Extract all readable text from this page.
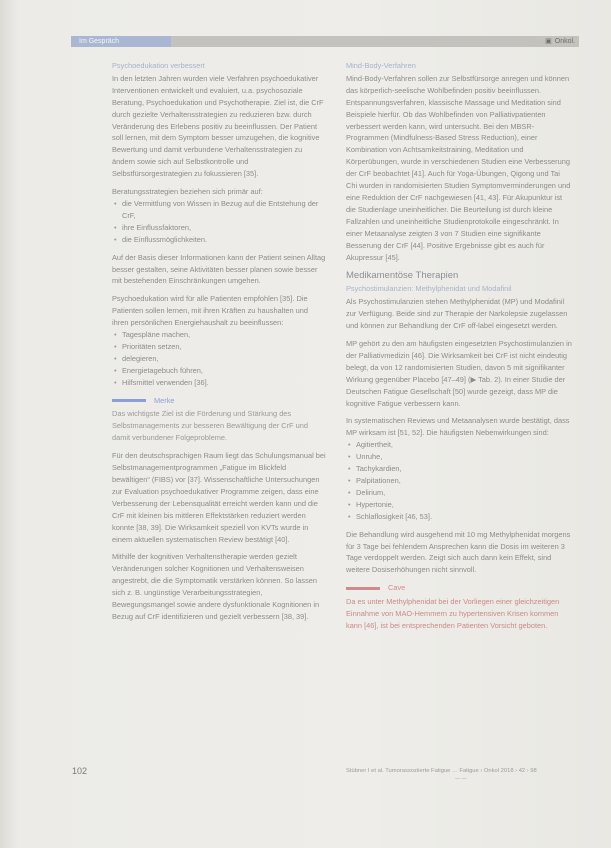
Im Gespräch	▣ Onkol.
Psychoedukation verbessert

In den letzten Jahren wurden viele Verfahren psychoedukativer Interventionen entwickelt und evaluiert, u.a. psychosoziale Beratung, Psychoedukation und Psychotherapie. Ziel ist, die CrF durch gezielte Verhaltensstrategien zu reduzieren bzw. durch Veränderung des Erlebens positiv zu beeinflussen. Der Patient soll lernen, mit dem Symptom besser umzugehen, die kognitive Bewertung und damit verbundene Verhaltensstrategien zu ändern sowie sich auf Selbstkontrolle und Selbstfürsorgestrategien zu fokussieren [35].

Beratungsstrategien beziehen sich primär auf:

• die Vermittlung von Wissen in Bezug auf die Entstehung der CrF,
• ihre Einflussfaktoren,
• die Einflussmöglichkeiten.

Auf der Basis dieser Informationen kann der Patient seinen Alltag besser gestalten, seine Aktivitäten besser planen sowie besser mit bestehenden Einschränkungen umgehen.

Psychoedukation wird für alle Patienten empfohlen [35]. Die Patienten sollen lernen, mit ihren Kräften zu haushalten und ihren persönlichen Energiehaushalt zu beeinflussen:

• Tagespläne machen,
• Prioritäten setzen,
• delegieren,
• Energietagebuch führen,
• Hilfsmittel verwenden [36].
Merke

Das wichtigste Ziel ist die Förderung und Stärkung des Selbstmanagements zur besseren Bewältigung der CrF und damit verbundener Folgeprobleme.

Für den deutschsprachigen Raum liegt das Schulungsmanual bei Selbstmanagementprogrammen „Fatigue im Blickfeld bewältigen“ (FIBS) vor [37]. Wissenschaftliche Untersuchungen zur Evaluation psychoedukativer Programme zeigen, dass eine Verbesserung der Lebensqualität erreicht werden kann und die CrF mit kleinen bis mittleren Effektstärken reduziert werden konnte [38, 39]. Die Wirksamkeit speziell von KVTs wurde in einem aktuellen systematischen Review bestätigt [40].

Mithilfe der kognitiven Verhaltenstherapie werden gezielt Veränderungen solcher Kognitionen und Verhaltensweisen angestrebt, die die Symptomatik verstärken können. So lassen sich z. B. ungünstige Verarbeitungsstrategien, Bewegungsmangel sowie andere dysfunktionale Kognitionen in Bezug auf CrF identifizieren und gezielt verbessern [38, 39].

Mind-Body-Verfahren

Mind-Body-Verfahren sollen zur Selbstfürsorge anregen und können das körperlich-seelische Wohlbefinden positiv beeinflussen. Entspannungsverfahren, klassische Massage und Meditation sind Beispiele hierfür. Ob das Wohlbefinden von Palliativpatienten verbessert werden kann, wird untersucht. Bei den MBSR-Programmen (Mindfulness-Based Stress Reduction), einer Kombination von Achtsamkeitstraining, Meditation und Körperübungen, wurde in verschiedenen Studien eine Verbesserung der CrF beobachtet [41]. Auch für Yoga-Übungen, Qigong und Tai Chi wurden in randomisierten Studien Symptomverminderungen und eine Reduktion der CrF nachgewiesen [41, 43]. Für Akupunktur ist die Studienlage uneinheitlicher. Die Beurteilung ist durch kleine Fallzahlen und uneinheitliche Studienprotokolle eingeschränkt. In einer Metaanalyse zeigten 3 von 7 Studien eine signifikante Besserung der CrF [44]. Positive Ergebnisse gibt es auch für Akupressur [45].

Medikamentöse Therapien
Psychostimulanzien: Methylphenidat und Modafinil

Als Psychostimulanzien stehen Methylphenidat (MP) und Modafinil zur Verfügung. Beide sind zur Therapie der Narkolepsie zugelassen und können zur Behandlung der CrF off-label eingesetzt werden.

MP gehört zu den am häufigsten eingesetzten Psychostimulanzien in der Palliativmedizin [46]. Die Wirksamkeit bei CrF ist nicht eindeutig belegt, da von 12 randomisierten Studien, davon 5 mit signifikanter Wirkung gegenüber Placebo [47–49] (▶ Tab. 2). In einer Studie der Deutschen Fatigue Gesellschaft [50] wurde gezeigt, dass MP die kognitive Fatigue verbessern kann.

In systematischen Reviews und Metaanalysen wurde bestätigt, dass MP wirksam ist [51, 52]. Die häufigsten Nebenwirkungen sind:

• Agitiertheit,
• Unruhe,
• Tachykardien,
• Palpitationen,
• Delirium,
• Hypertonie,
• Schlaflosigkeit [46, 53].

Die Behandlung wird ausgehend mit 10 mg Methylphenidat morgens für 3 Tage bei fehlendem Ansprechen kann die Dosis im weiteren 3 Tage verdoppelt werden. Zeigt sich auch dann kein Effekt, sind weitere Dosiserhöhungen nicht sinnvoll.

Cave

Da es unter Methylphenidat bei der Vorliegen einer gleichzeitigen Einnahme von MAO-Hemmern zu hypertensiven Krisen kommen kann [46], ist bei entsprechenden Patienten Vorsicht geboten.

102	Stübner I et al. Tumorassoziierte Fatigue … Fatigue › Onkol 2018 › 42 › 98
— —
